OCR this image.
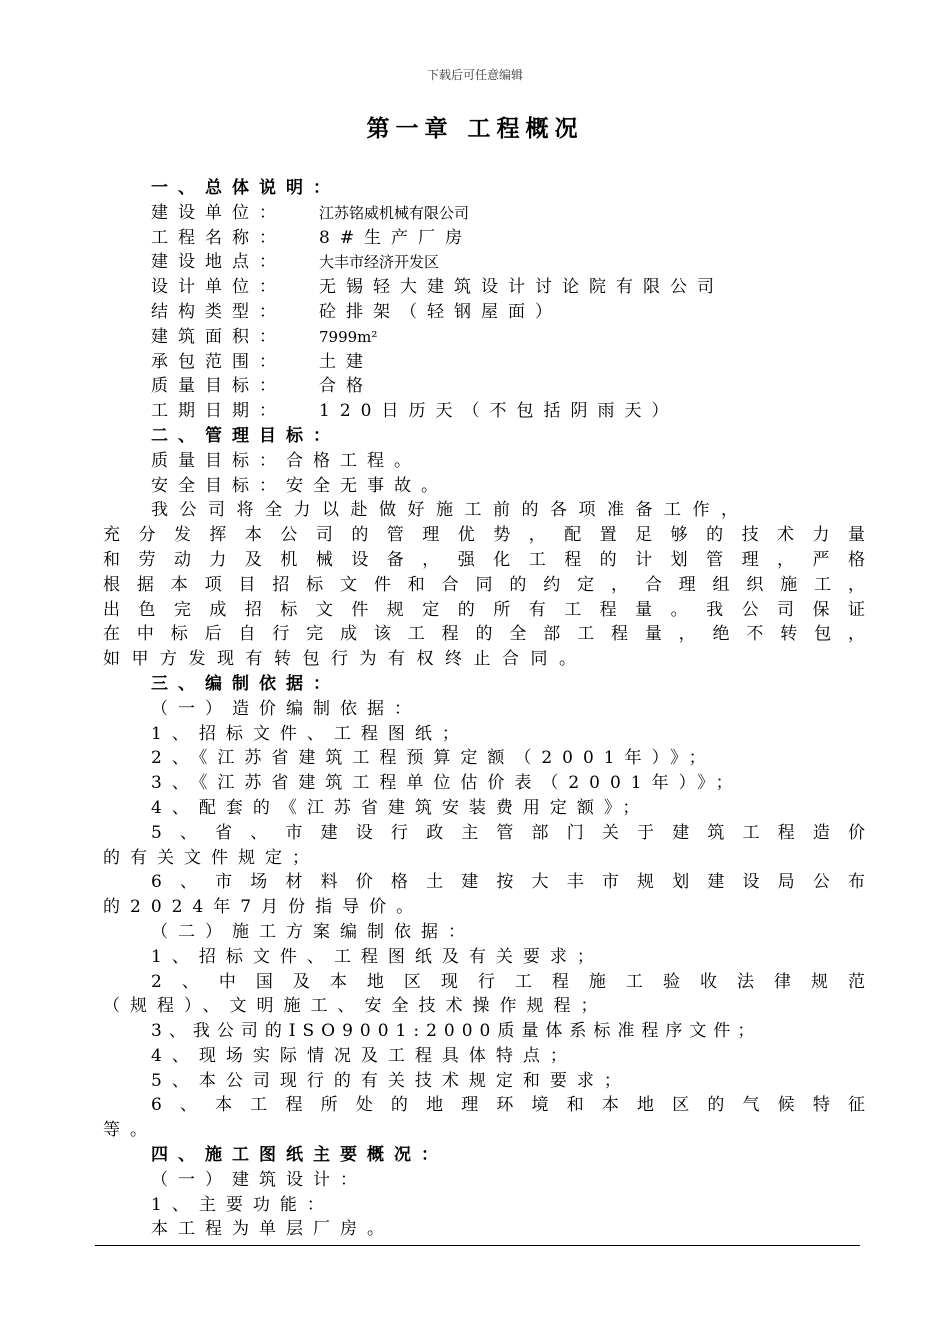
下载后可任意编辑
第一章 工程概况
一、总体说明：
建设单位： 江苏铭威机械有限公司
工程名称： 8#生产厂房
建设地点： 大丰市经济开发区
设计单位： 无锡轻大建筑设计讨论院有限公司
结构类型： 砼排架（轻钢屋面）
建筑面积： 7999m²
承包范围： 土建
质量目标： 合格
工期日期： 120日历天（不包括阴雨天）
二、管理目标：
质量目标：合格工程。
安全目标：安全无事故。
我公司将全力以赴做好施工前的各项准备工作，
充分发挥本公司的管理优势，配置足够的技术力量
和劳动力及机械设备，强化工程的计划管理，严格
根据本项目招标文件和合同的约定，合理组织施工，
出色完成招标文件规定的所有工程量。我公司保证
在中标后自行完成该工程的全部工程量，绝不转包，
如甲方发现有转包行为有权终止合同。
三、编制依据：
（一）造价编制依据：
1、招标文件、工程图纸；
2、《江苏省建筑工程预算定额（2001年）》；
3、《江苏省建筑工程单位估价表（2001年）》；
4、配套的《江苏省建筑安装费用定额》；
5、省、市建设行政主管部门关于建筑工程造价
的有关文件规定；
6、市场材料价格土建按大丰市规划建设局公布
的2024年7月份指导价。
（二）施工方案编制依据：
1、招标文件、工程图纸及有关要求；
2、中国及本地区现行工程施工验收法律规范
（规程）、文明施工、安全技术操作规程；
3、我公司的ISO9001:2000质量体系标准程序文件；
4、现场实际情况及工程具体特点；
5、本公司现行的有关技术规定和要求；
6、本工程所处的地理环境和本地区的气候特征
等。
四、施工图纸主要概况：
（一）建筑设计：
1、主要功能：
本工程为单层厂房。
